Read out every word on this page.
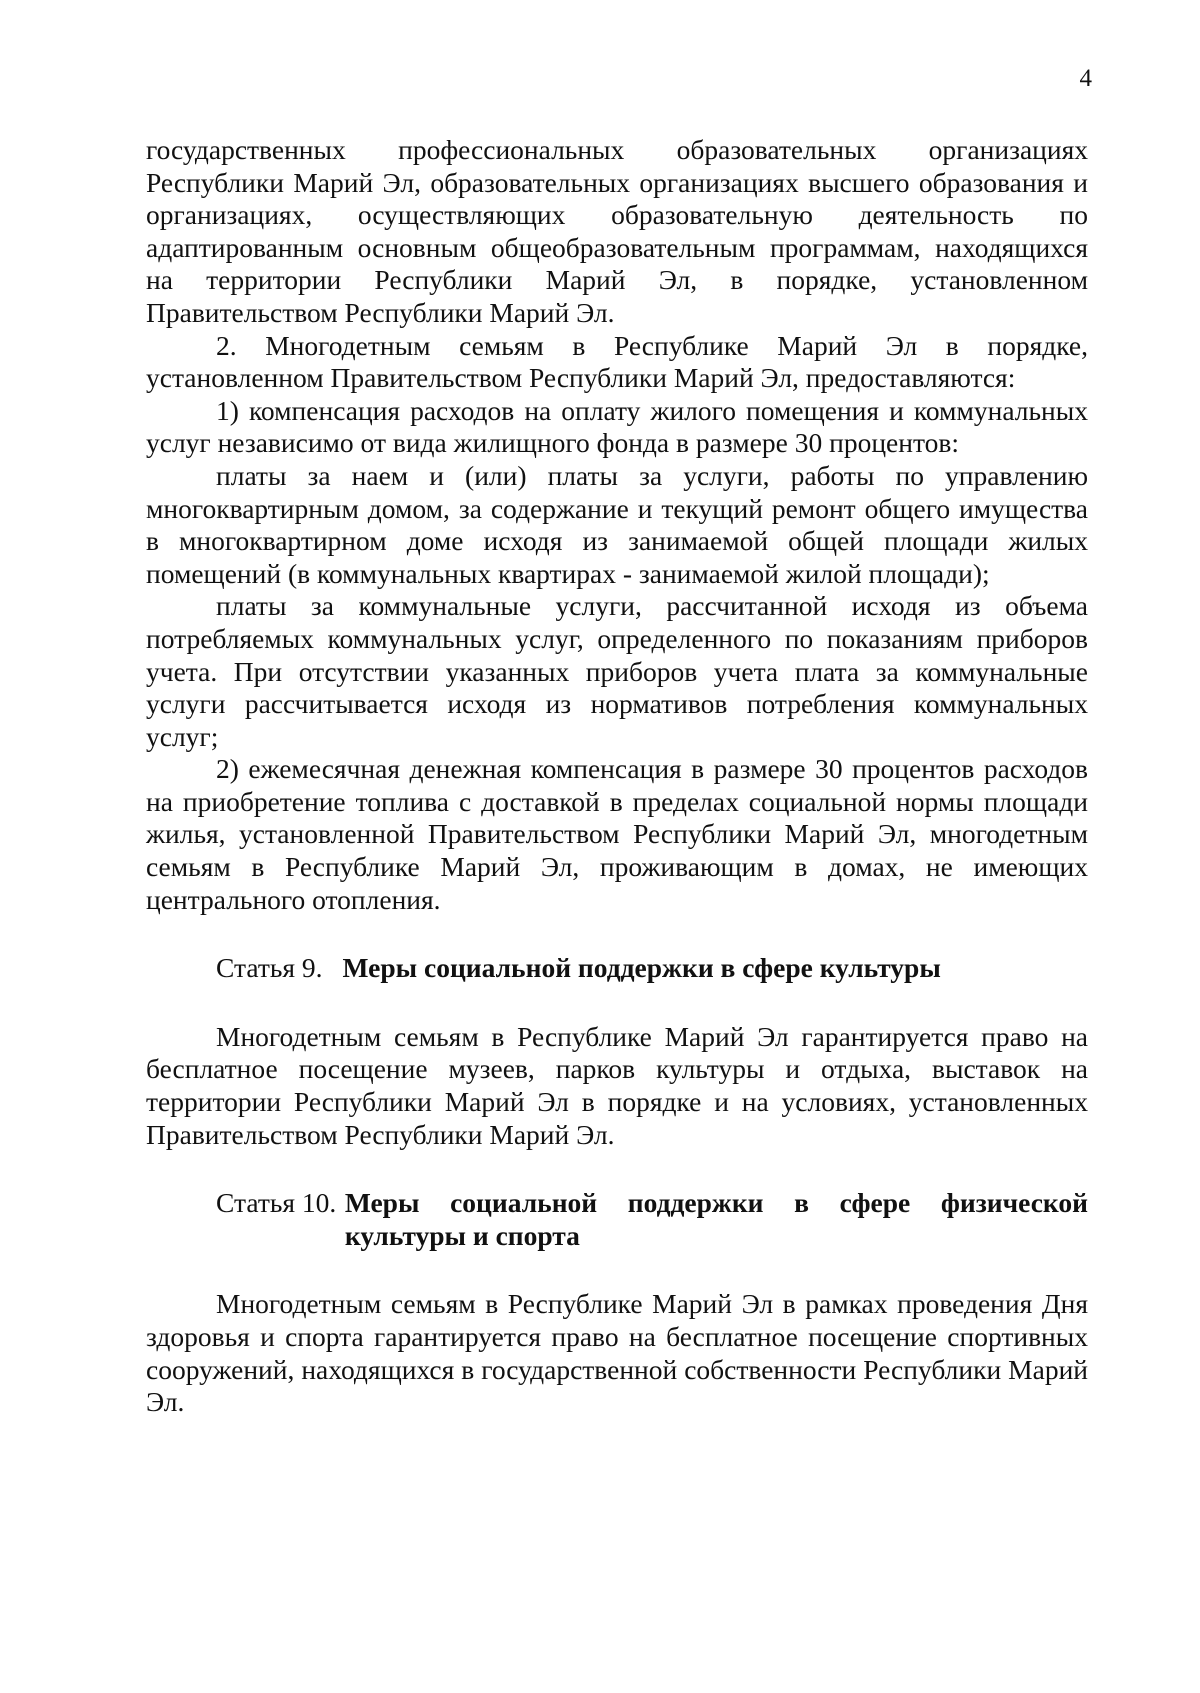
4

государственных профессиональных образовательных организациях Республики Марий Эл, образовательных организациях высшего образования и организациях, осуществляющих образовательную деятельность по адаптированным основным общеобразовательным программам, находящихся на территории Республики Марий Эл, в порядке, установленном Правительством Республики Марий Эл.

2. Многодетным семьям в Республике Марий Эл в порядке, установленном Правительством Республики Марий Эл, предоставляются:

1) компенсация расходов на оплату жилого помещения и коммунальных услуг независимо от вида жилищного фонда в размере 30 процентов:

платы за наем и (или) платы за услуги, работы по управлению многоквартирным домом, за содержание и текущий ремонт общего имущества в многоквартирном доме исходя из занимаемой общей площади жилых помещений (в коммунальных квартирах - занимаемой жилой площади);

платы за коммунальные услуги, рассчитанной исходя из объема потребляемых коммунальных услуг, определенного по показаниям приборов учета. При отсутствии указанных приборов учета плата за коммунальные услуги рассчитывается исходя из нормативов потребления коммунальных услуг;

2) ежемесячная денежная компенсация в размере 30 процентов расходов на приобретение топлива с доставкой в пределах социальной нормы площади жилья, установленной Правительством Республики Марий Эл, многодетным семьям в Республике Марий Эл, проживающим в домах, не имеющих центрального отопления.

Статья 9. Меры социальной поддержки в сфере культуры

Многодетным семьям в Республике Марий Эл гарантируется право на бесплатное посещение музеев, парков культуры и отдыха, выставок на территории Республики Марий Эл в порядке и на условиях, установленных Правительством Республики Марий Эл.

Статья 10. Меры социальной поддержки в сфере физической культуры и спорта

Многодетным семьям в Республике Марий Эл в рамках проведения Дня здоровья и спорта гарантируется право на бесплатное посещение спортивных сооружений, находящихся в государственной собственности Республики Марий Эл.
